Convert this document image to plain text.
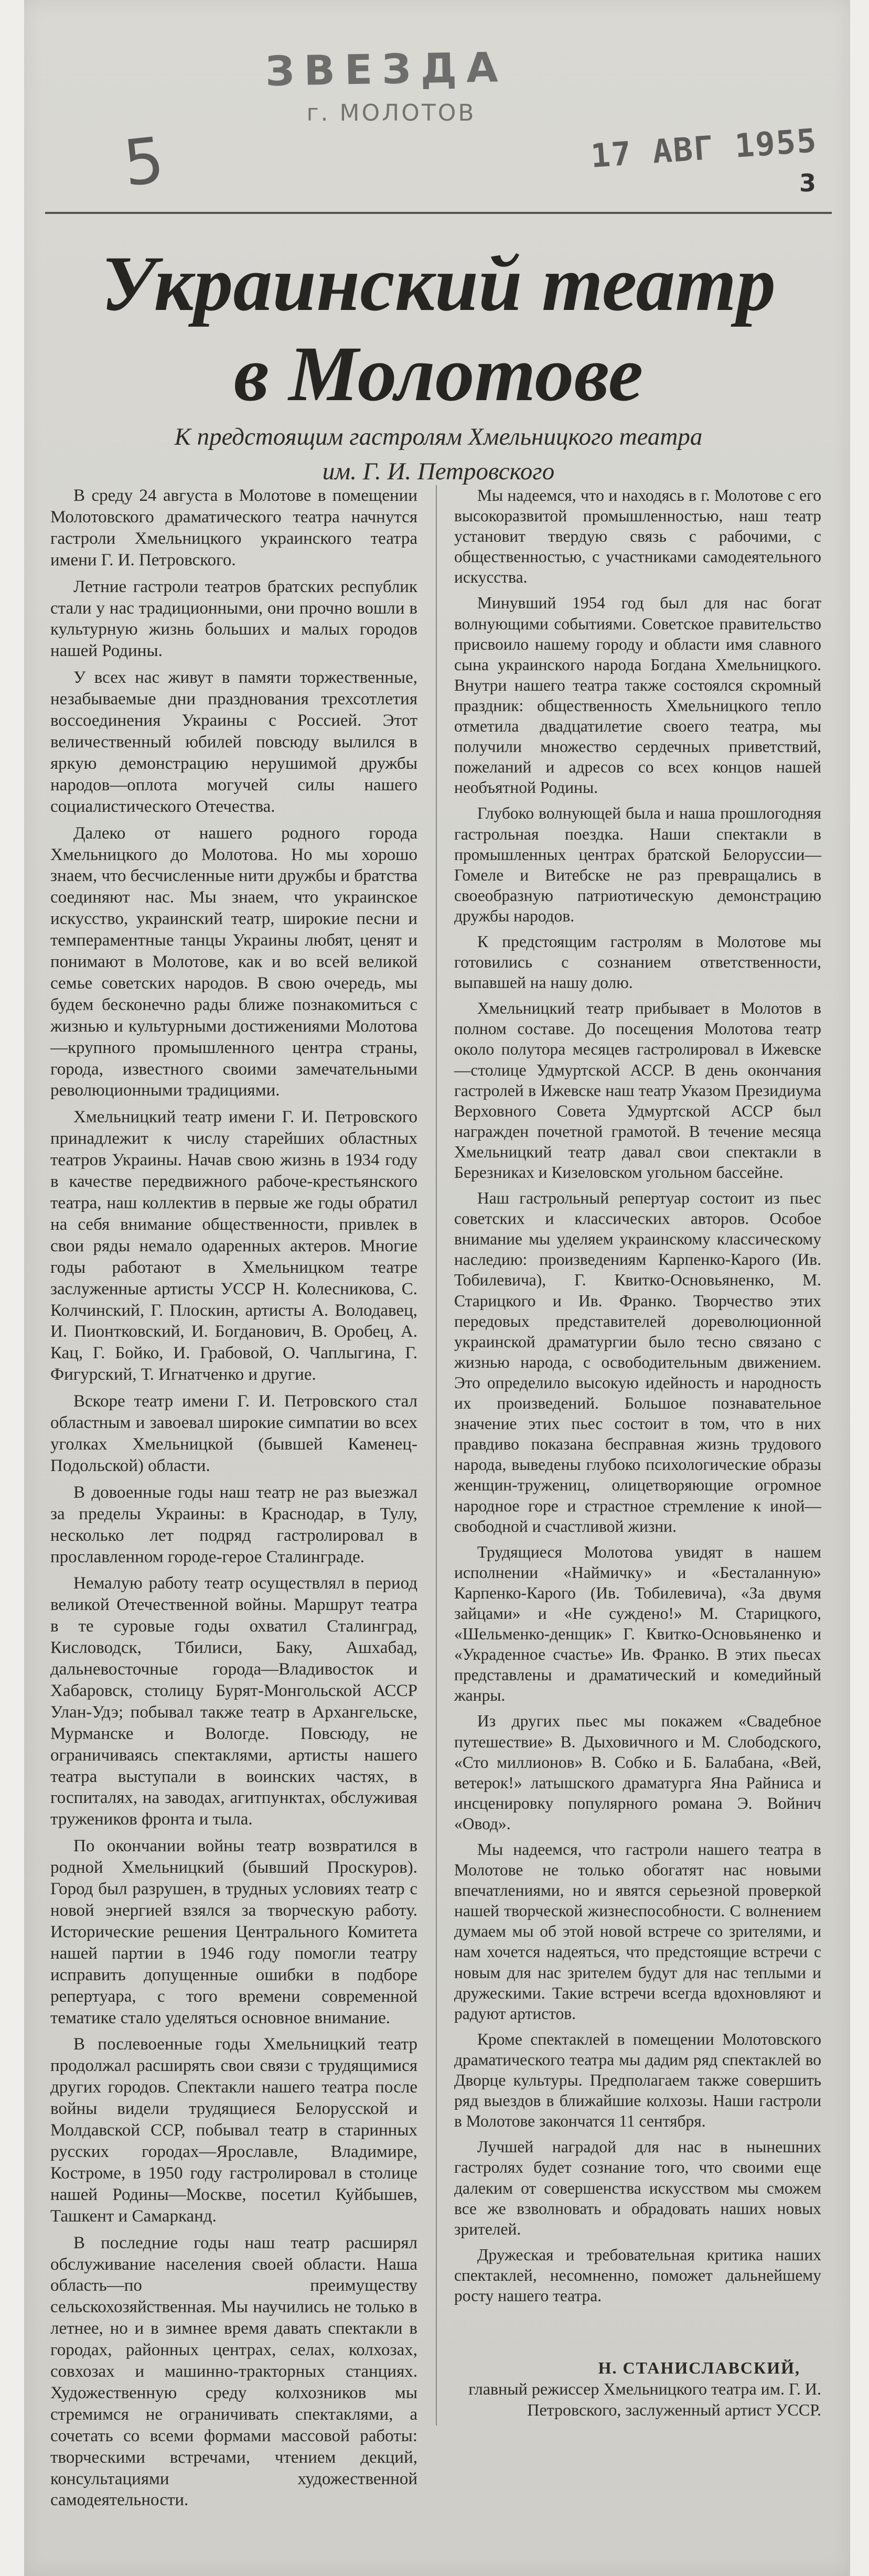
ЗВЕЗДА
г. МОЛОТОВ
5	17 АВГ 1955
3
Украинский театр
в Молотове
К предстоящим гастролям Хмельницкого театра
им. Г. И. Петровского

В среду 24 августа в Молотове в помещении Молотовского драматического театра начнутся гастроли Хмельницкого украинского театра имени Г. И. Петровского.

Летние гастроли театров братских республик стали у нас традиционными, они прочно вошли в культурную жизнь больших и малых городов нашей Родины.

У всех нас живут в памяти торжественные, незабываемые дни празднования трехсотлетия воссоединения Украины с Россией. Этот величественный юбилей повсюду вылился в яркую демонстрацию нерушимой дружбы народов—оплота могучей силы нашего социалистического Отечества.

Далеко от нашего родного города Хмельницкого до Молотова. Но мы хорошо знаем, что бесчисленные нити дружбы и братства соединяют нас. Мы знаем, что украинское искусство, украинский театр, широкие песни и темпераментные танцы Украины любят, ценят и понимают в Молотове, как и во всей великой семье советских народов. В свою очередь, мы будем бесконечно рады ближе познакомиться с жизнью и культурными достижениями Молотова—крупного промышленного центра страны, города, известного своими замечательными революционными традициями.

Хмельницкий театр имени Г. И. Петровского принадлежит к числу старейших областных театров Украины. Начав свою жизнь в 1934 году в качестве передвижного рабоче-крестьянского театра, наш коллектив в первые же годы обратил на себя внимание общественности, привлек в свои ряды немало одаренных актеров. Многие годы работают в Хмельницком театре заслуженные артисты УССР Н. Колесникова, С. Колчинский, Г. Плоскин, артисты А. Володавец, И. Пионтковский, И. Богданович, В. Оробец, А. Кац, Г. Бойко, И. Грабовой, О. Чаплыгина, Г. Фигурский, Т. Игнатченко и другие.

Вскоре театр имени Г. И. Петровского стал областным и завоевал широкие симпатии во всех уголках Хмельницкой (бывшей Каменец-Подольской) области.

В довоенные годы наш театр не раз выезжал за пределы Украины: в Краснодар, в Тулу, несколько лет подряд гастролировал в прославленном городе-герое Сталинграде.

Немалую работу театр осуществлял в период великой Отечественной войны. Маршрут театра в те суровые годы охватил Сталинград, Кисловодск, Тбилиси, Баку, Ашхабад, дальневосточные города—Владивосток и Хабаровск, столицу Бурят-Монгольской АССР Улан-Удэ; побывал также театр в Архангельске, Мурманске и Вологде. Повсюду, не ограничиваясь спектаклями, артисты нашего театра выступали в воинских частях, в госпиталях, на заводах, агитпунктах, обслуживая тружеников фронта и тыла.

По окончании войны театр возвратился в родной Хмельницкий (бывший Проскуров). Город был разрушен, в трудных условиях театр с новой энергией взялся за творческую работу. Исторические решения Центрального Комитета нашей партии в 1946 году помогли театру исправить допущенные ошибки в подборе репертуара, с того времени современной тематике стало уделяться основное внимание.

В послевоенные годы Хмельницкий театр продолжал расширять свои связи с трудящимися других городов. Спектакли нашего театра после войны видели трудящиеся Белорусской и Молдавской ССР, побывал театр в старинных русских городах—Ярославле, Владимире, Костроме, в 1950 году гастролировал в столице нашей Родины—Москве, посетил Куйбышев, Ташкент и Самарканд.

В последние годы наш театр расширял обслуживание населения своей области. Наша область—по преимуществу сельскохозяйственная. Мы научились не только в летнее, но и в зимнее время давать спектакли в городах, районных центрах, селах, колхозах, совхозах и машинно-тракторных станциях. Художественную среду колхозников мы стремимся не ограничивать спектаклями, а сочетать со всеми формами массовой работы: творческими встречами, чтением декций, консультациями художественной самодеятельности.

Мы надеемся, что и находясь в г. Молотове с его высокоразвитой промышленностью, наш театр установит твердую связь с рабочими, с общественностью, с участниками самодеятельного искусства.

Минувший 1954 год был для нас богат волнующими событиями. Советское правительство присвоило нашему городу и области имя славного сына украинского народа Богдана Хмельницкого. Внутри нашего театра также состоялся скромный праздник: общественность Хмельницкого тепло отметила двадцатилетие своего театра, мы получили множество сердечных приветствий, пожеланий и адресов со всех концов нашей необъятной Родины.

Глубоко волнующей была и наша прошлогодняя гастрольная поездка. Наши спектакли в промышленных центрах братской Белоруссии—Гомеле и Витебске не раз превращались в своеобразную патриотическую демонстрацию дружбы народов.

К предстоящим гастролям в Молотове мы готовились с сознанием ответственности, выпавшей на нашу долю.

Хмельницкий театр прибывает в Молотов в полном составе. До посещения Молотова театр около полутора месяцев гастролировал в Ижевске—столице Удмуртской АССР. В день окончания гастролей в Ижевске наш театр Указом Президиума Верховного Совета Удмуртской АССР был награжден почетной грамотой. В течение месяца Хмельницкий театр давал свои спектакли в Березниках и Кизеловском угольном бассейне.

Наш гастрольный репертуар состоит из пьес советских и классических авторов. Особое внимание мы уделяем украинскому классическому наследию: произведениям Карпенко-Карого (Ив. Тобилевича), Г. Квитко-Основьяненко, М. Старицкого и Ив. Франко. Творчество этих передовых представителей дореволюционной украинской драматургии было тесно связано с жизнью народа, с освободительным движением. Это определило высокую идейность и народность их произведений. Большое познавательное значение этих пьес состоит в том, что в них правдиво показана бесправная жизнь трудового народа, выведены глубоко психологические образы женщин-тружениц, олицетворяющие огромное народное горе и страстное стремление к иной—свободной и счастливой жизни.

Трудящиеся Молотова увидят в нашем исполнении «Наймичку» и «Бесталанную» Карпенко-Карого (Ив. Тобилевича), «За двумя зайцами» и «Не суждено!» М. Старицкого, «Шельменко-денщик» Г. Квитко-Основьяненко и «Украденное счастье» Ив. Франко. В этих пьесах представлены и драматический и комедийный жанры.

Из других пьес мы покажем «Свадебное путешествие» В. Дыховичного и М. Слободского, «Сто миллионов» В. Собко и Б. Балабана, «Вей, ветерок!» латышского драматурга Яна Райниса и инсценировку популярного романа Э. Войнич «Овод».

Мы надеемся, что гастроли нашего театра в Молотове не только обогатят нас новыми впечатлениями, но и явятся серьезной проверкой нашей творческой жизнеспособности. С волнением думаем мы об этой новой встрече со зрителями, и нам хочется надеяться, что предстоящие встречи с новым для нас зрителем будут для нас теплыми и дружескими. Такие встречи всегда вдохновляют и радуют артистов.

Кроме спектаклей в помещении Молотовского драматического театра мы дадим ряд спектаклей во Дворце культуры. Предполагаем также совершить ряд выездов в ближайшие колхозы. Наши гастроли в Молотове закончатся 11 сентября.

Лучшей наградой для нас в нынешних гастролях будет сознание того, что своими еще далеким от совершенства искусством мы сможем все же взволновать и обрадовать наших новых зрителей.

Дружеская и требовательная критика наших спектаклей, несомненно, поможет дальнейшему росту нашего театра.

Н. СТАНИСЛАВСКИЙ,
главный режиссер Хмельницкого театра им. Г. И. Петровского, заслуженный артист УССР.
